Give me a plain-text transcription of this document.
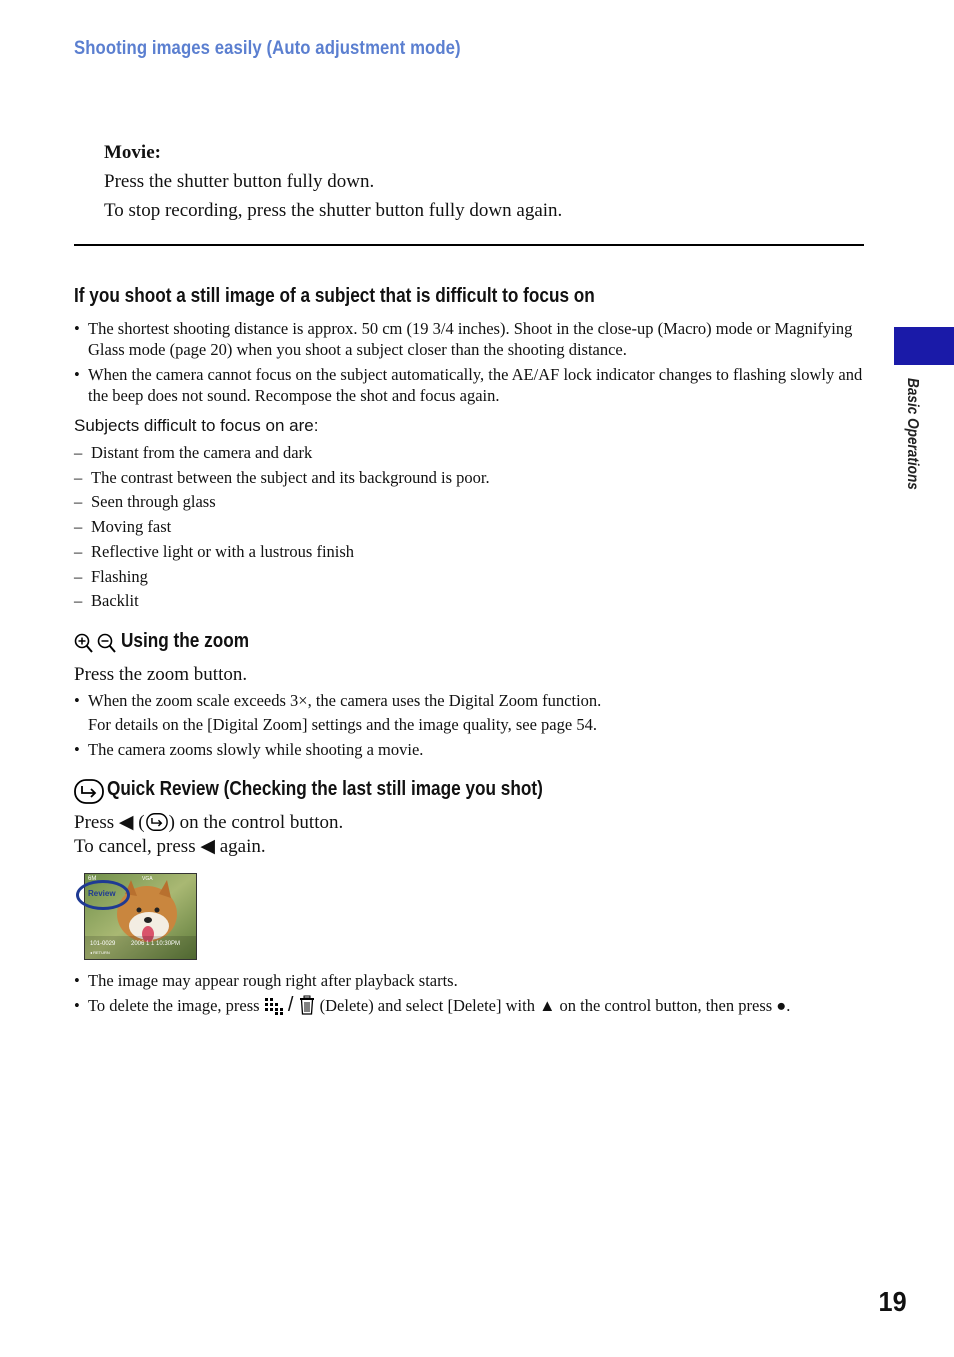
Shooting images easily (Auto adjustment mode)
Movie:
Press the shutter button fully down.
To stop recording, press the shutter button fully down again.
If you shoot a still image of a subject that is difficult to focus on
• The shortest shooting distance is approx. 50 cm (19 3/4 inches). Shoot in the close-up (Macro) mode or Magnifying Glass mode (page 20) when you shoot a subject closer than the shooting distance.
• When the camera cannot focus on the subject automatically, the AE/AF lock indicator changes to flashing slowly and the beep does not sound. Recompose the shot and focus again.
Subjects difficult to focus on are:
– Distant from the camera and dark
– The contrast between the subject and its background is poor.
– Seen through glass
– Moving fast
– Reflective light or with a lustrous finish
– Flashing
– Backlit
Using the zoom
Press the zoom button.
• When the zoom scale exceeds 3×, the camera uses the Digital Zoom function.
For details on the [Digital Zoom] settings and the image quality, see page 54.
• The camera zooms slowly while shooting a movie.
Quick Review (Checking the last still image you shot)
Press ◀ ( ) on the control button.
To cancel, press ◀ again.
6M	VGA
101-0029	2006 1 1 10:30PM
◂ RETURN
Review
• The image may appear rough right after playback starts.
• To delete the image, press / (Delete) and select [Delete] with ▲ on the control button, then press ●.
Basic Operations
19
